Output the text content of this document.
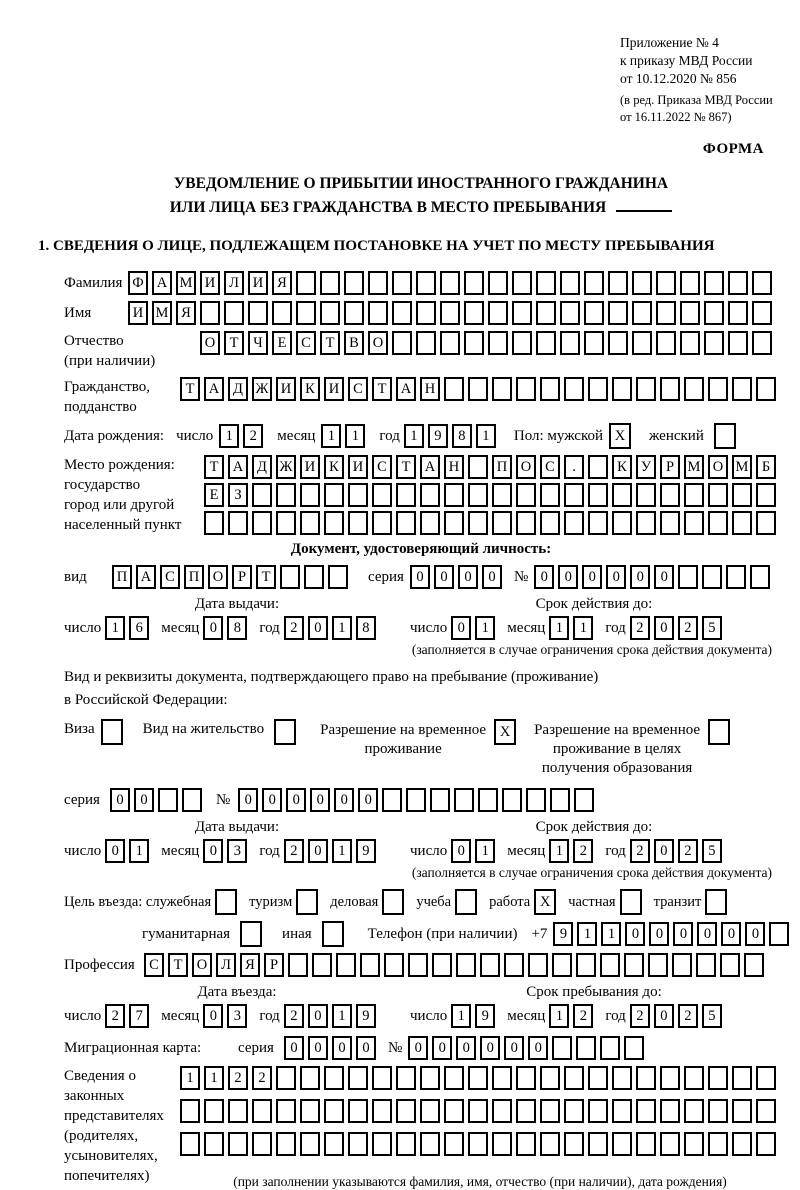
Приложение № 4
к приказу МВД России
от 10.12.2020 № 856
(в ред. Приказа МВД России
от 16.11.2022 № 867)
ФОРМА
УВЕДОМЛЕНИЕ О ПРИБЫТИИ ИНОСТРАННОГО ГРАЖДАНИНА
ИЛИ ЛИЦА БЕЗ ГРАЖДАНСТВА В МЕСТО ПРЕБЫВАНИЯ
1. СВЕДЕНИЯ О ЛИЦЕ, ПОДЛЕЖАЩЕМ ПОСТАНОВКЕ НА УЧЕТ ПО МЕСТУ ПРЕБЫВАНИЯ
Фамилия Ф А М И Л И Я
Имя	И М Я
Отчество
(при наличии)
О Т	Ч	Е	С	Т	В О
Гражданство,
подданство
Т А Д Ж И К И С	Т А Н
Дата рождения: число 1	2	месяц 1	1	год 1	9	8	1	Пол: мужской X	женский
Место рождения:
государство
город или другой
населенный пункт
Т А Д Ж И К И С	Т А Н	П О С	.	К У	Р М О М Б
Е	З
Документ, удостоверяющий личность:
вид	П А С П О	Р	Т	серия 0	0	0	0	№ 0	0	0	0	0	0
Дата выдачи:
число 1	6	месяц 0	8	год 2	0	1	8
Срок действия до:
число 0	1	месяц 1	1	год 2	0	2	5
(заполняется в случае ограничения срока действия документа)
Вид и реквизиты документа, подтверждающего право на пребывание (проживание)
в Российской Федерации:
Виза	Вид на жительство	Разрешение на временное
проживание
X	Разрешение на временное
проживание в целях
получения образования
серия	0	0	№ 0	0	0	0	0	0
Дата выдачи:
число 0	1	месяц 0	3	год 2	0	1	9
Срок действия до:
число 0	1	месяц 1	2	год 2	0	2	5
(заполняется в случае ограничения срока действия документа)
Цель въезда: служебная	туризм	деловая	учеба	работа X	частная	транзит
гуманитарная	иная	Телефон (при наличии) +7 9	1	1	0	0	0	0	0	0
Профессия С	Т О Л Я	Р
Дата въезда:
число 2	7	месяц 0	3	год 2	0	1	9
Срок пребывания до:
число 1	9	месяц 1	2	год 2	0	2	5
Миграционная карта:	серия	0	0	0	0	№ 0	0	0	0	0	0
Сведения о
законных
представителях
(родителях,
усыновителях,
попечителях)
1	1	2	2
(при заполнении указываются фамилия, имя, отчество (при наличии), дата рождения)
